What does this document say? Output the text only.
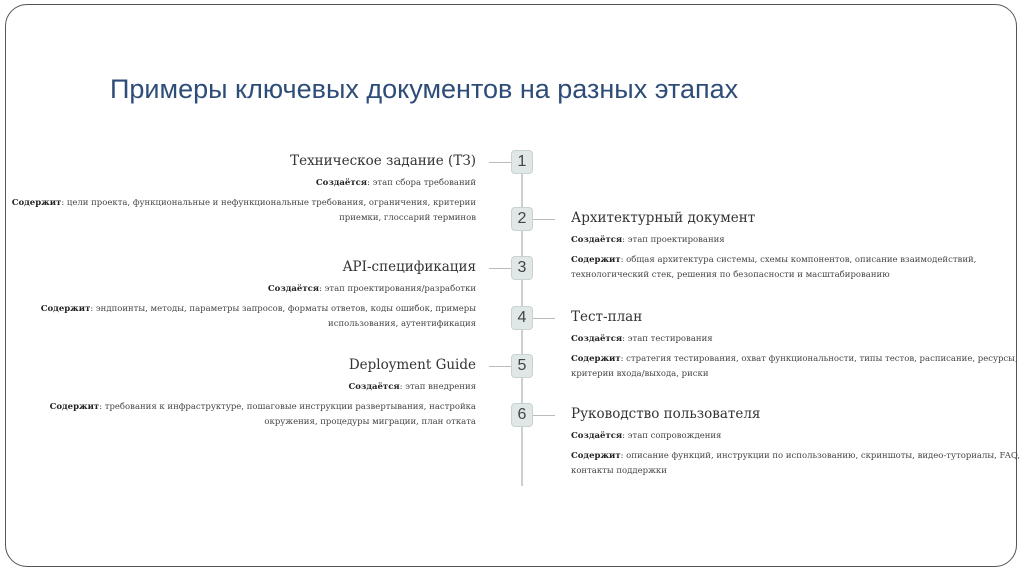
Примеры ключевых документов на разных этапах
1
Техническое задание (ТЗ)

Создаётся: этап сбора требований

Содержит: цели проекта, функциональные и нефункциональные требования, ограничения, критерии приемки, глоссарий терминов	2	Архитектурный документ

Создаётся: этап проектирования

Содержит: общая архитектура системы, схемы компонентов, описание взаимодействий, технологический стек, решения по безопасности и масштабированию

3
API-спецификация

Создаётся: этап проектирования/разработки

Содержит: эндпоинты, методы, параметры запросов, форматы ответов, коды ошибок, примеры использования, аутентификация	4	Тест-план

Создаётся: этап тестирования

Содержит: стратегия тестирования, охват функциональности, типы тестов, расписание, ресурсы, критерии входа/выхода, риски

5
Deployment Guide

Создаётся: этап внедрения

Содержит: требования к инфраструктуре, пошаговые инструкции развертывания, настройка окружения, процедуры миграции, план отката	6	Руководство пользователя

Создаётся: этап сопровождения

Содержит: описание функций, инструкции по использованию, скриншоты, видео-туториалы, FAQ, контакты поддержки
